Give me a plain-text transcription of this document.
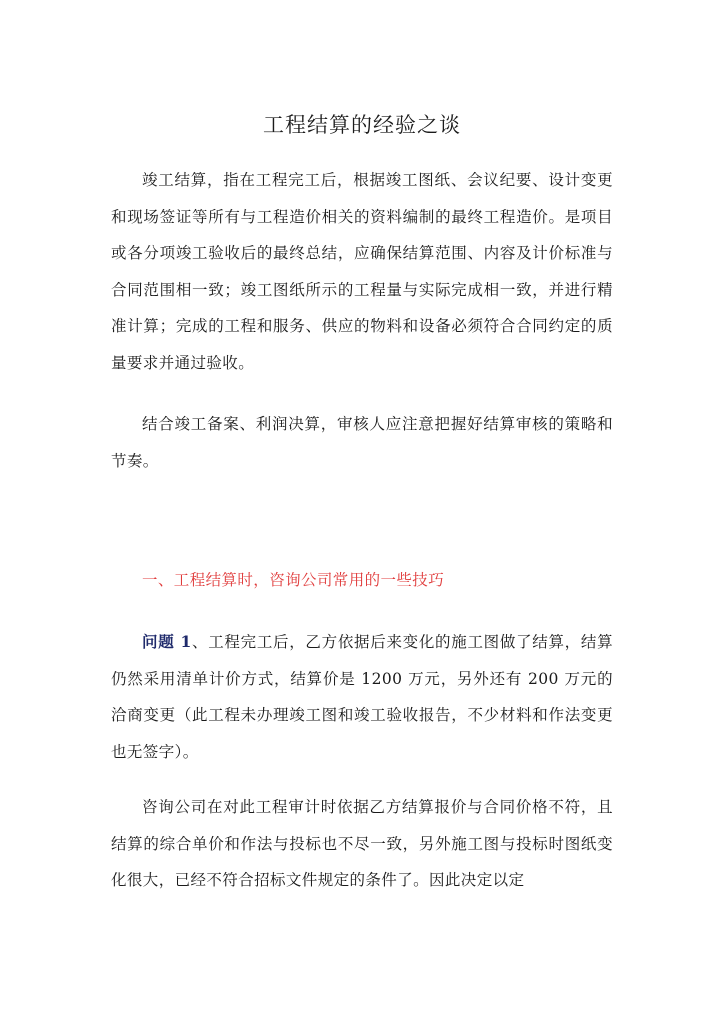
工程结算的经验之谈

竣工结算，指在工程完工后，根据竣工图纸、会议纪要、设计变更和现场签证等所有与工程造价相关的资料编制的最终工程造价。是项目或各分项竣工验收后的最终总结，应确保结算范围、内容及计价标准与合同范围相一致；竣工图纸所示的工程量与实际完成相一致，并进行精准计算；完成的工程和服务、供应的物料和设备必须符合合同约定的质量要求并通过验收。

结合竣工备案、利润决算，审核人应注意把握好结算审核的策略和节奏。

一、工程结算时，咨询公司常用的一些技巧

问题 1、工程完工后，乙方依据后来变化的施工图做了结算，结算仍然采用清单计价方式，结算价是 1200 万元，另外还有 200 万元的洽商变更（此工程未办理竣工图和竣工验收报告，不少材料和作法变更也无签字）。

咨询公司在对此工程审计时依据乙方结算报价与合同价格不符，且结算的综合单价和作法与投标也不尽一致，另外施工图与投标时图纸变化很大，已经不符合招标文件规定的条件了。因此决定以定
